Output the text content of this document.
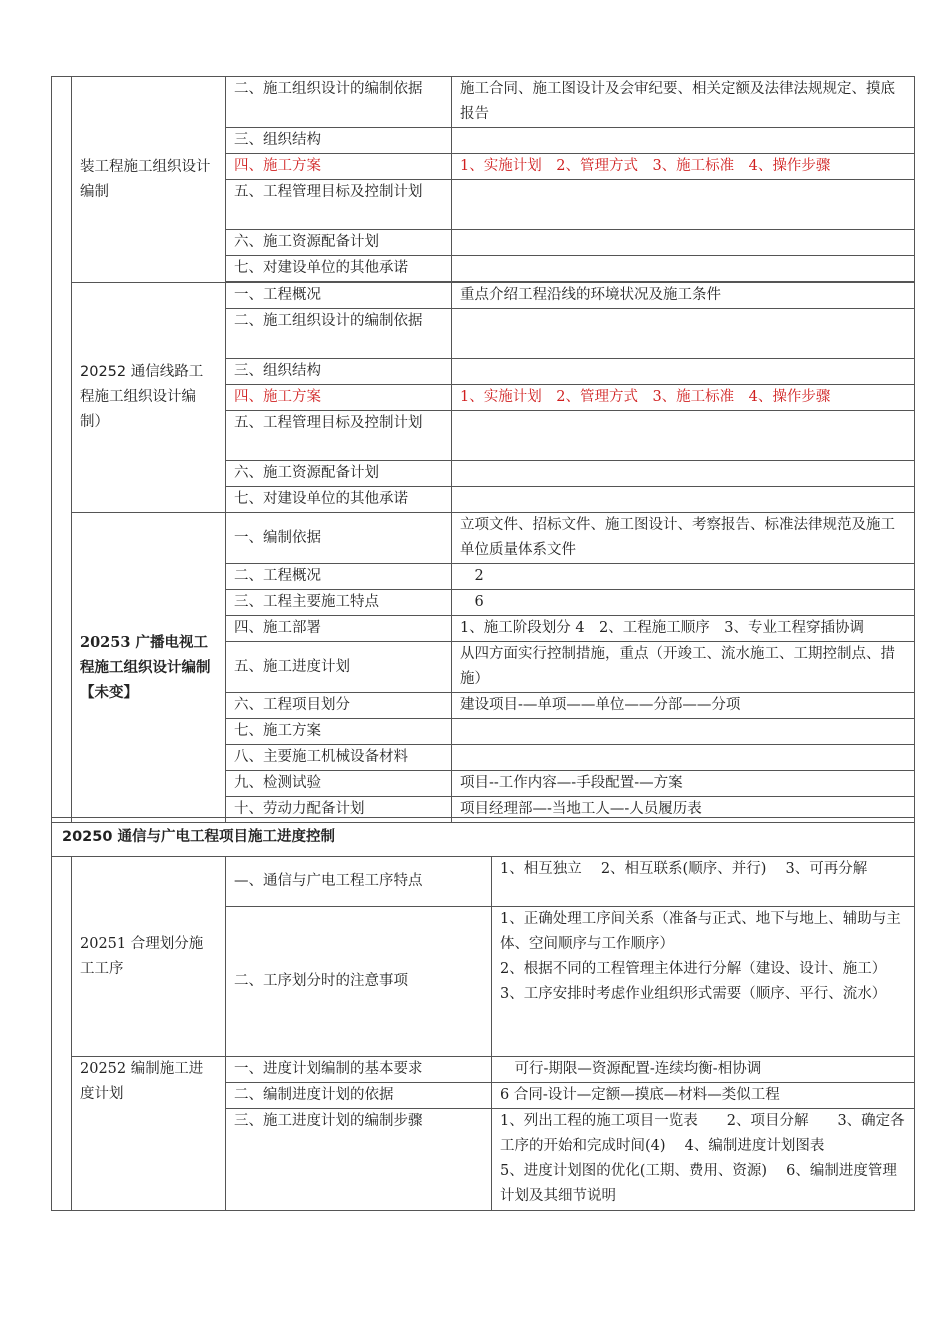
	装工程施工组织设计编制	二、施工组织设计的编制依据	施工合同、施工图设计及会审纪要、相关定额及法律法规规定、摸底报告
		三、组织结构	
		四、施工方案	1、实施计划　2、管理方式　3、施工标准　4、操作步骤
		五、工程管理目标及控制计划	
		六、施工资源配备计划	
		七、对建设单位的其他承诺	

	20252 通信线路工程施工组织设计编制）	一、工程概况	重点介绍工程沿线的环境状况及施工条件
		二、施工组织设计的编制依据	
		三、组织结构	
		四、施工方案	1、实施计划　2、管理方式　3、施工标准　4、操作步骤
		五、工程管理目标及控制计划	
		六、施工资源配备计划	
		七、对建设单位的其他承诺	
	20253 广播电视工程施工组织设计编制【未变】	一、编制依据	立项文件、招标文件、施工图设计、考察报告、标准法律规范及施工单位质量体系文件
		二、工程概况	　2
		三、工程主要施工特点	　6
		四、施工部署	1、施工阶段划分 4　2、工程施工顺序　3、专业工程穿插协调
		五、施工进度计划	从四方面实行控制措施，重点（开竣工、流水施工、工期控制点、措施）
		六、工程项目划分	建设项目-—单项——单位——分部——分项
		七、施工方案	
		八、主要施工机械设备材料	
		九、检测试验	项目--工作内容—-手段配置-—方案
		十、劳动力配备计划	项目经理部—-当地工人—-人员履历表
20250 通信与广电工程项目施工进度控制			
	20251 合理划分施工工序	—、通信与广电工程工序特点	1、相互独立　 2、相互联系(顺序、并行)　 3、可再分解
		二、工序划分时的注意事项	1、正确处理工序间关系（准备与正式、地下与地上、辅助与主体、空间顺序与工作顺序）
2、根据不同的工程管理主体进行分解（建设、设计、施工）
3、工序安排时考虑作业组织形式需要（顺序、平行、流水）

	20252 编制施工进度计划	一、进度计划编制的基本要求	　可行-期限—资源配置-连续均衡-相协调
		二、编制进度计划的依据	6 合同-设计—定额—摸底—材料—类似工程
		三、施工进度计划的编制步骤	1、列出工程的施工项目一览表　　2、项目分解　　3、确定各工序的开始和完成时间(4)　 4、编制进度计划图表
5、进度计划图的优化(工期、费用、资源)　 6、编制进度管理计划及其细节说明
